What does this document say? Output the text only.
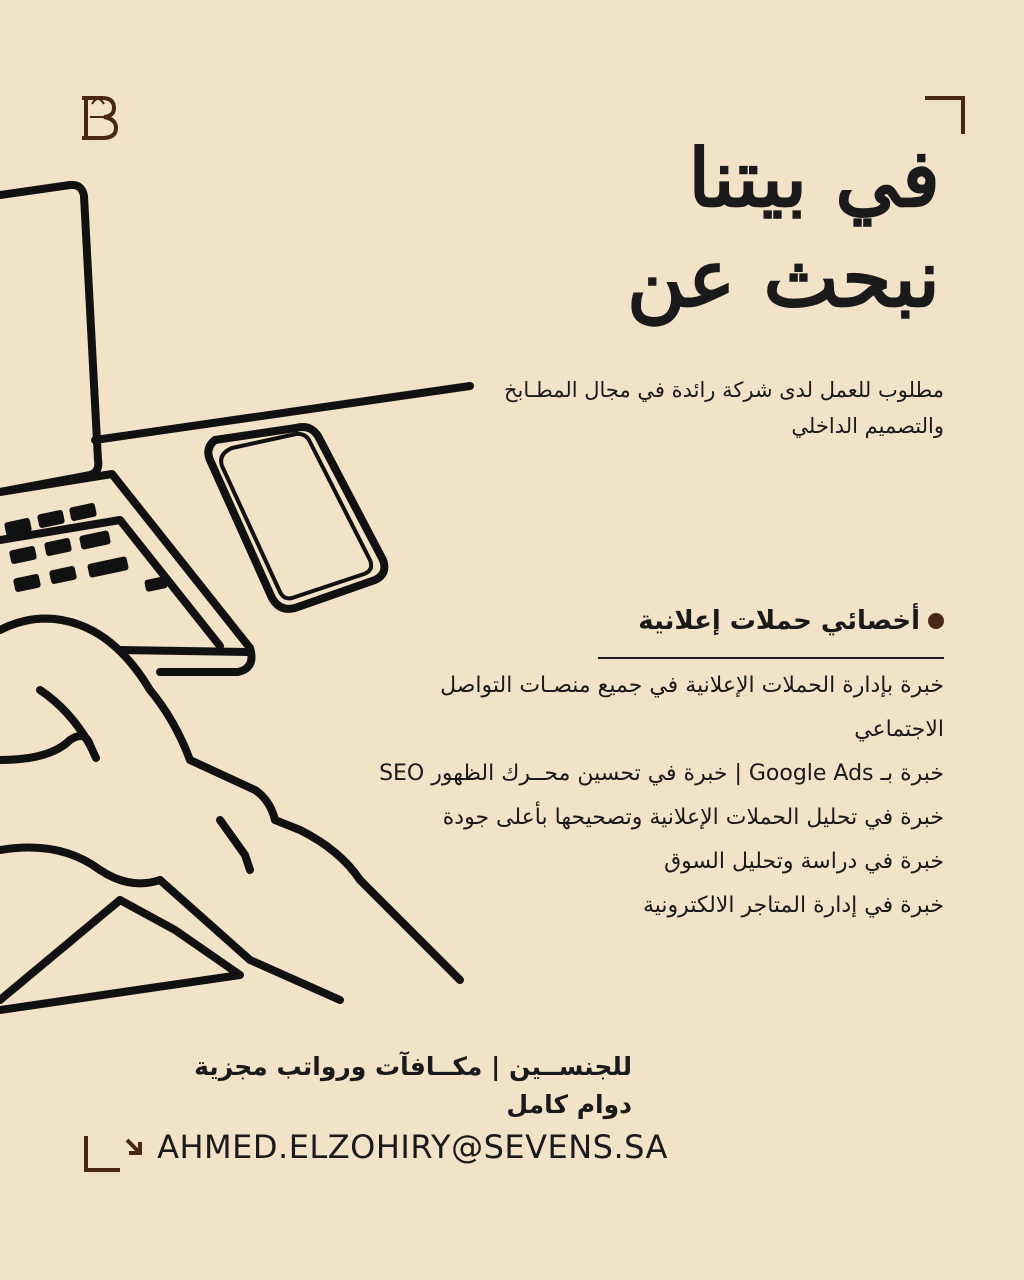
في بيتنا
نبحث عن
مطلوب للعمل لدى شركة رائدة في مجال المطـابخ والتصميم الداخلي
أخصائي حملات إعلانية
خبرة بإدارة الحملات الإعلانية في جميع منصـات التواصل الاجتماعي
خبرة بـ Google Ads | خبرة في تحسين محــرك الظهور SEO
خبرة في تحليل الحملات الإعلانية وتصحيحها بأعلى جودة
خبرة في دراسة وتحليل السوق
خبرة في إدارة المتاجر الالكترونية
للجنســين | مكــافآت ورواتب مجزية
دوام كامل
AHMED.ELZOHIRY@SEVENS.SA
